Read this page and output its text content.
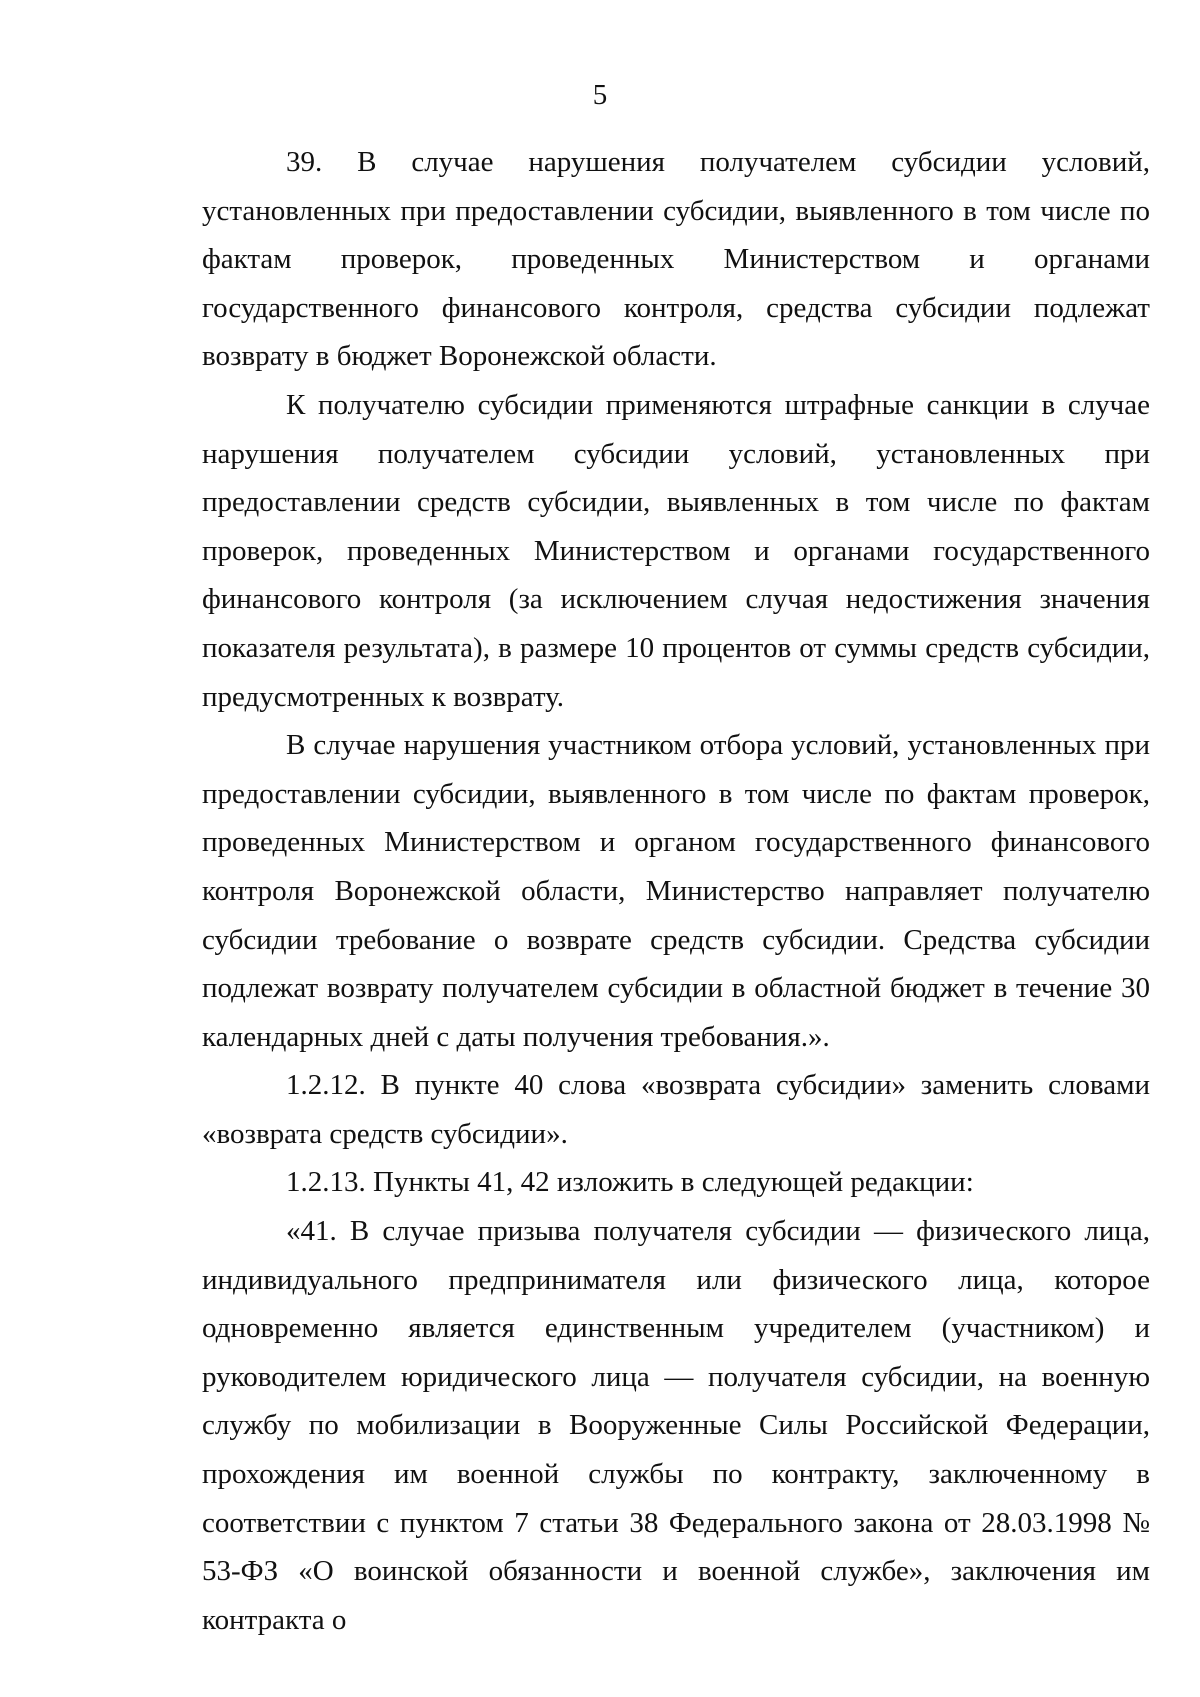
5

39. В случае нарушения получателем субсидии условий, установленных при предоставлении субсидии, выявленного в том числе по фактам проверок, проведенных Министерством и органами государственного финансового контроля, средства субсидии подлежат возврату в бюджет Воронежской области.

К получателю субсидии применяются штрафные санкции в случае нарушения получателем субсидии условий, установленных при предоставлении средств субсидии, выявленных в том числе по фактам проверок, проведенных Министерством и органами государственного финансового контроля (за исключением случая недостижения значения показателя результата), в размере 10 процентов от суммы средств субсидии, предусмотренных к возврату.

В случае нарушения участником отбора условий, установленных при предоставлении субсидии, выявленного в том числе по фактам проверок, проведенных Министерством и органом государственного финансового контроля Воронежской области, Министерство направляет получателю субсидии требование о возврате средств субсидии. Средства субсидии подлежат возврату получателем субсидии в областной бюджет в течение 30 календарных дней с даты получения требования.».

1.2.12. В пункте 40 слова «возврата субсидии» заменить словами «возврата средств субсидии».

1.2.13. Пункты 41, 42 изложить в следующей редакции:

«41. В случае призыва получателя субсидии — физического лица, индивидуального предпринимателя или физического лица, которое одновременно является единственным учредителем (участником) и руководителем юридического лица — получателя субсидии, на военную службу по мобилизации в Вооруженные Силы Российской Федерации, прохождения им военной службы по контракту, заключенному в соответствии с пунктом 7 статьи 38 Федерального закона от 28.03.1998 № 53-ФЗ «О воинской обязанности и военной службе», заключения им контракта о
